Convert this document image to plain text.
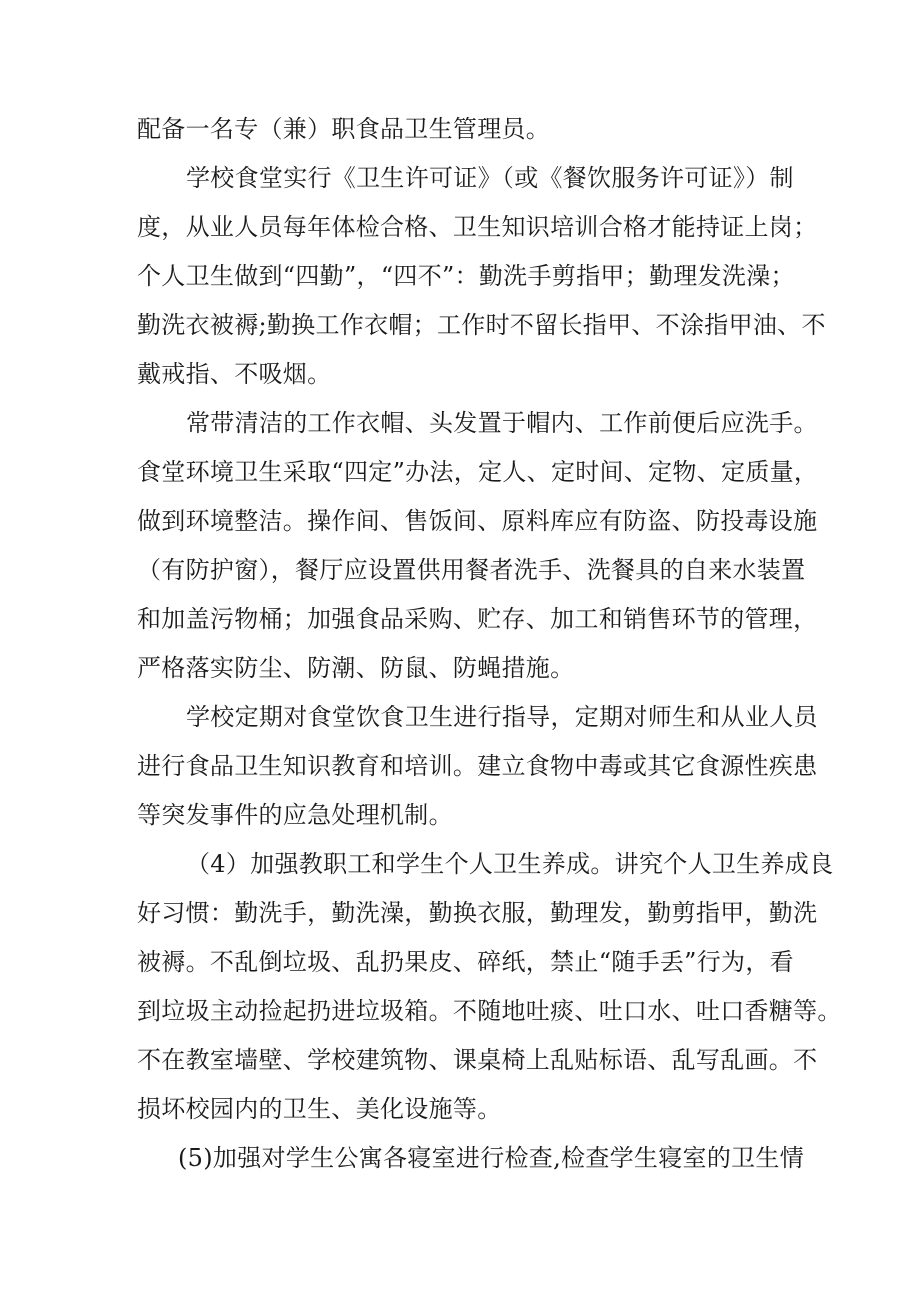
配备一名专（兼）职食品卫生管理员。
学校食堂实行《卫生许可证》（或《餐饮服务许可证》）制
度，从业人员每年体检合格、卫生知识培训合格才能持证上岗；
个人卫生做到“四勤”，“四不”：勤洗手剪指甲；勤理发洗澡；
勤洗衣被褥;勤换工作衣帽；工作时不留长指甲、不涂指甲油、不
戴戒指、不吸烟。
常带清洁的工作衣帽、头发置于帽内、工作前便后应洗手。
食堂环境卫生采取“四定”办法，定人、定时间、定物、定质量，
做到环境整洁。操作间、售饭间、原料库应有防盗、防投毒设施
（有防护窗），餐厅应设置供用餐者洗手、洗餐具的自来水装置
和加盖污物桶；加强食品采购、贮存、加工和销售环节的管理，
严格落实防尘、防潮、防鼠、防蝇措施。
学校定期对食堂饮食卫生进行指导，定期对师生和从业人员
进行食品卫生知识教育和培训。建立食物中毒或其它食源性疾患
等突发事件的应急处理机制。
（4）加强教职工和学生个人卫生养成。讲究个人卫生养成良
好习惯：勤洗手，勤洗澡，勤换衣服，勤理发，勤剪指甲，勤洗
被褥。不乱倒垃圾、乱扔果皮、碎纸，禁止“随手丢”行为，看
到垃圾主动捡起扔进垃圾箱。不随地吐痰、吐口水、吐口香糖等。
不在教室墙壁、学校建筑物、课桌椅上乱贴标语、乱写乱画。不
损坏校园内的卫生、美化设施等。
(5)加强对学生公寓各寝室进行检查,检查学生寝室的卫生情
